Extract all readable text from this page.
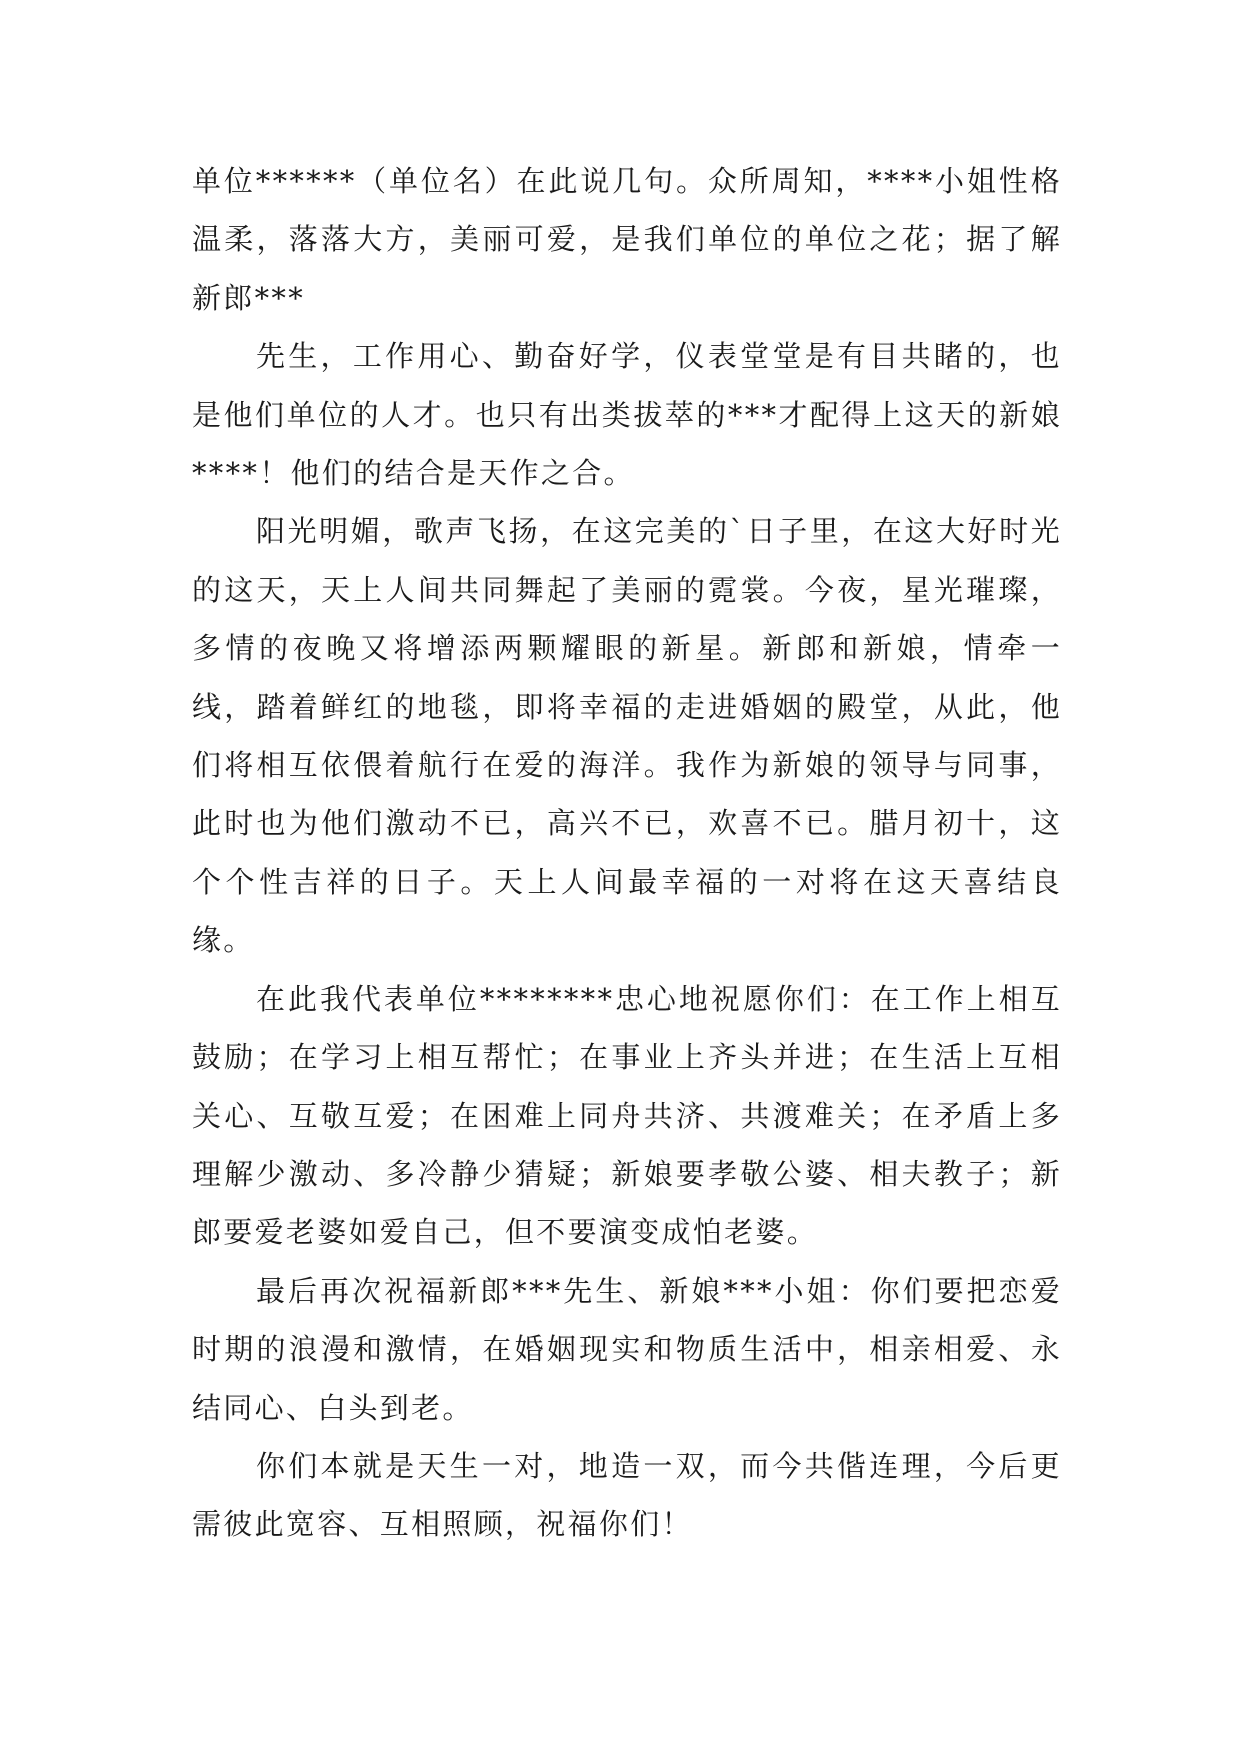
单位******（单位名）在此说几句。众所周知，****小姐性格温柔，落落大方，美丽可爱，是我们单位的单位之花；据了解新郎***

先生，工作用心、勤奋好学，仪表堂堂是有目共睹的，也是他们单位的人才。也只有出类拔萃的***才配得上这天的新娘****！他们的结合是天作之合。

阳光明媚，歌声飞扬，在这完美的`日子里，在这大好时光的这天，天上人间共同舞起了美丽的霓裳。今夜，星光璀璨，多情的夜晚又将增添两颗耀眼的新星。新郎和新娘，情牵一线，踏着鲜红的地毯，即将幸福的走进婚姻的殿堂，从此，他们将相互依偎着航行在爱的海洋。我作为新娘的领导与同事，此时也为他们激动不已，高兴不已，欢喜不已。腊月初十，这个个性吉祥的日子。天上人间最幸福的一对将在这天喜结良缘。

在此我代表单位********忠心地祝愿你们：在工作上相互鼓励；在学习上相互帮忙；在事业上齐头并进；在生活上互相关心、互敬互爱；在困难上同舟共济、共渡难关；在矛盾上多理解少激动、多冷静少猜疑；新娘要孝敬公婆、相夫教子；新郎要爱老婆如爱自己，但不要演变成怕老婆。

最后再次祝福新郎***先生、新娘***小姐：你们要把恋爱时期的浪漫和激情，在婚姻现实和物质生活中，相亲相爱、永结同心、白头到老。

你们本就是天生一对，地造一双，而今共偕连理，今后更需彼此宽容、互相照顾，祝福你们！
